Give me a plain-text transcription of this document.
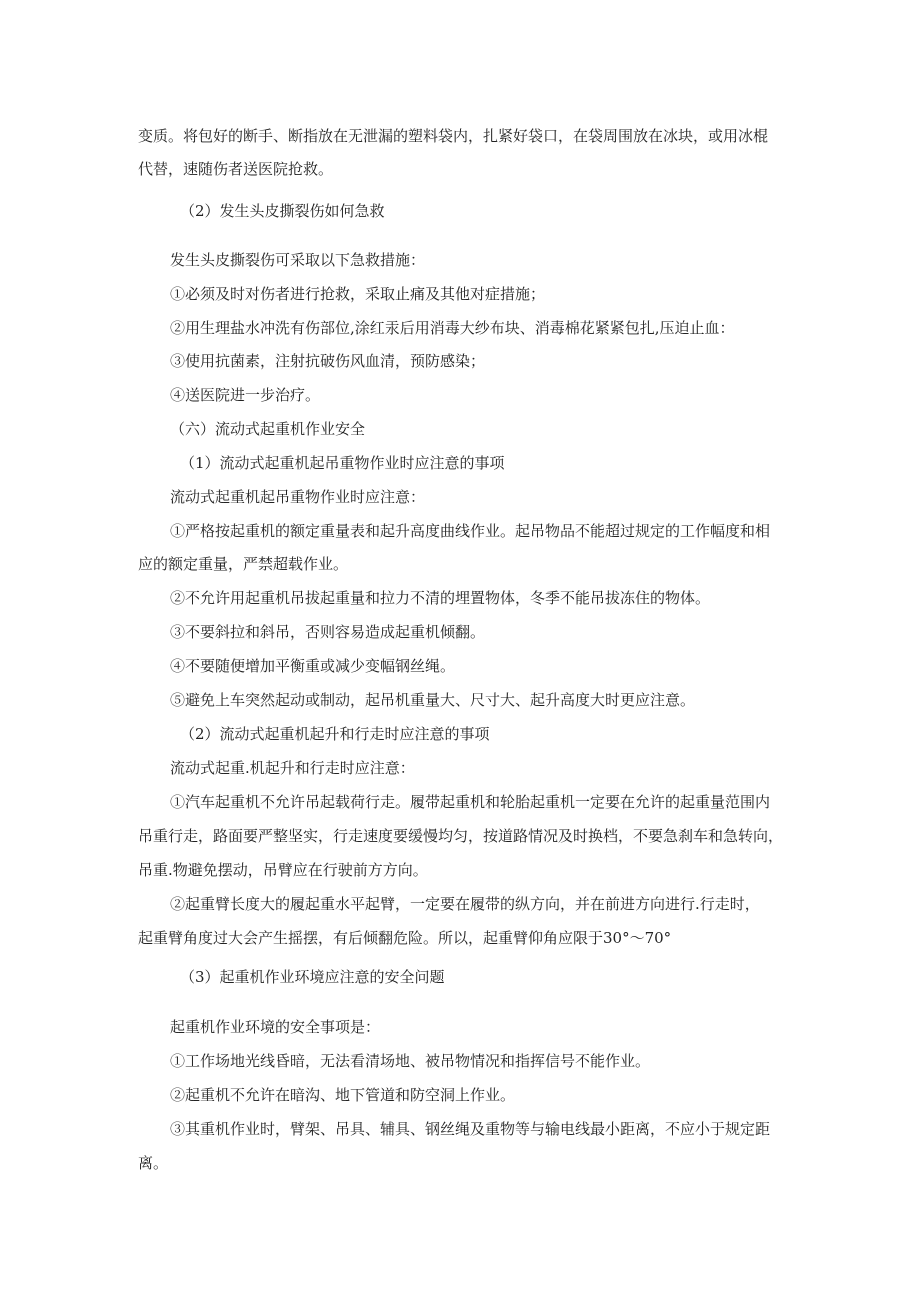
变质。将包好的断手、断指放在无泄漏的塑料袋内，扎紧好袋口，在袋周围放在冰块，或用冰棍
代替，速随伤者送医院抢救。
（2）发生头皮撕裂伤如何急救
发生头皮撕裂伤可采取以下急救措施：
①必须及时对伤者进行抢救，采取止痛及其他对症措施；
②用生理盐水冲洗有伤部位,涂红汞后用消毒大纱布块、消毒棉花紧紧包扎,压迫止血：
③使用抗菌素，注射抗破伤风血清，预防感染；
④送医院进一步治疗。
（六）流动式起重机作业安全
（1）流动式起重机起吊重物作业时应注意的事项
流动式起重机起吊重物作业时应注意：
①严格按起重机的额定重量表和起升高度曲线作业。起吊物品不能超过规定的工作幅度和相
应的额定重量，严禁超载作业。
②不允许用起重机吊拔起重量和拉力不清的埋置物体，冬季不能吊拔冻住的物体。
③不要斜拉和斜吊，否则容易造成起重机倾翻。
④不要随便增加平衡重或减少变幅钢丝绳。
⑤避免上车突然起动或制动，起吊机重量大、尺寸大、起升高度大时更应注意。
（2）流动式起重机起升和行走时应注意的事项
流动式起重.机起升和行走时应注意：
①汽车起重机不允许吊起载荷行走。履带起重机和轮胎起重机一定要在允许的起重量范围内
吊重行走，路面要严整坚实，行走速度要缓慢均匀，按道路情况及时换档，不要急刹车和急转向，
吊重.物避免摆动，吊臂应在行驶前方方向。
②起重臂长度大的履起重水平起臂，一定要在履带的纵方向，并在前进方向进行.行走时，
起重臂角度过大会产生摇摆，有后倾翻危险。所以，起重臂仰角应限于30°～70°
（3）起重机作业环境应注意的安全问题
起重机作业环境的安全事项是：
①工作场地光线昏暗，无法看清场地、被吊物情况和指挥信号不能作业。
②起重机不允许在暗沟、地下管道和防空洞上作业。
③其重机作业时，臂架、吊具、辅具、钢丝绳及重物等与输电线最小距离，不应小于规定距
离。
